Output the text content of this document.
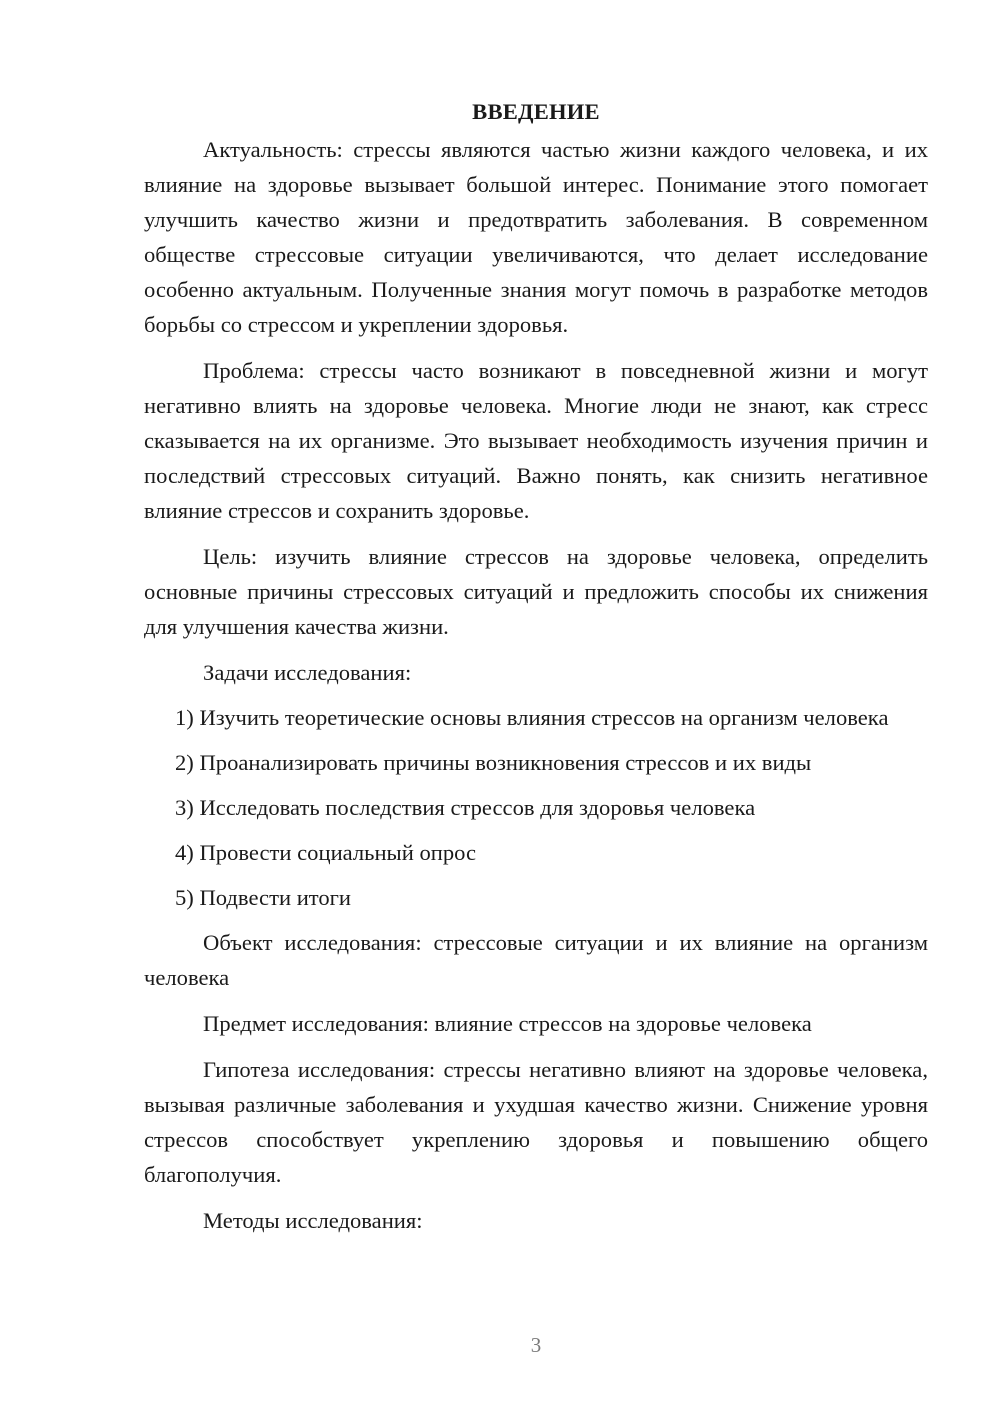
ВВЕДЕНИЕ

Актуальность: стрессы являются частью жизни каждого человека, и их влияние на здоровье вызывает большой интерес. Понимание этого помогает улучшить качество жизни и предотвратить заболевания. В современном обществе стрессовые ситуации увеличиваются, что делает исследование особенно актуальным. Полученные знания могут помочь в разработке методов борьбы со стрессом и укреплении здоровья.

Проблема: стрессы часто возникают в повседневной жизни и могут негативно влиять на здоровье человека. Многие люди не знают, как стресс сказывается на их организме. Это вызывает необходимость изучения причин и последствий стрессовых ситуаций. Важно понять, как снизить негативное влияние стрессов и сохранить здоровье.

Цель: изучить влияние стрессов на здоровье человека, определить основные причины стрессовых ситуаций и предложить способы их снижения для улучшения качества жизни.

Задачи исследования:

1) Изучить теоретические основы влияния стрессов на организм человека

2) Проанализировать причины возникновения стрессов и их виды

3) Исследовать последствия стрессов для здоровья человека

4) Провести социальный опрос

5) Подвести итоги

Объект исследования: стрессовые ситуации и их влияние на организм человека

Предмет исследования: влияние стрессов на здоровье человека

Гипотеза исследования: стрессы негативно влияют на здоровье человека, вызывая различные заболевания и ухудшая качество жизни. Снижение уровня стрессов способствует укреплению здоровья и повышению общего благополучия.

Методы исследования:

3
